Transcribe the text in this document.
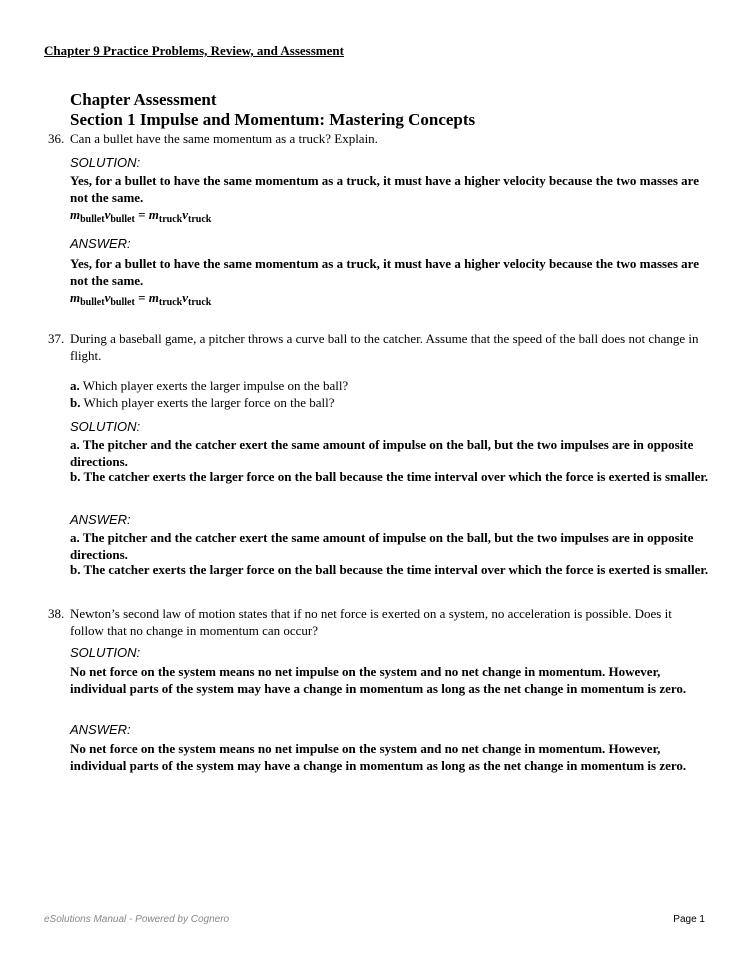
Chapter 9 Practice Problems, Review, and Assessment
Chapter Assessment
Section 1 Impulse and Momentum: Mastering Concepts
36. Can a bullet have the same momentum as a truck? Explain.
SOLUTION:
Yes, for a bullet to have the same momentum as a truck, it must have a higher velocity because the two masses are not the same.
$m_{bullet}v_{bullet} = m_{truck}v_{truck}$
ANSWER:
Yes, for a bullet to have the same momentum as a truck, it must have a higher velocity because the two masses are not the same.
$m_{bullet}v_{bullet} = m_{truck}v_{truck}$
37. During a baseball game, a pitcher throws a curve ball to the catcher. Assume that the speed of the ball does not change in flight.
a. Which player exerts the larger impulse on the ball?
b. Which player exerts the larger force on the ball?
SOLUTION:
a. The pitcher and the catcher exert the same amount of impulse on the ball, but the two impulses are in opposite directions.
b. The catcher exerts the larger force on the ball because the time interval over which the force is exerted is smaller.
ANSWER:
a. The pitcher and the catcher exert the same amount of impulse on the ball, but the two impulses are in opposite directions.
b. The catcher exerts the larger force on the ball because the time interval over which the force is exerted is smaller.
38. Newton’s second law of motion states that if no net force is exerted on a system, no acceleration is possible. Does it follow that no change in momentum can occur?
SOLUTION:
No net force on the system means no net impulse on the system and no net change in momentum. However, individual parts of the system may have a change in momentum as long as the net change in momentum is zero.
ANSWER:
No net force on the system means no net impulse on the system and no net change in momentum. However, individual parts of the system may have a change in momentum as long as the net change in momentum is zero.
eSolutions Manual - Powered by Cognero	Page 1
